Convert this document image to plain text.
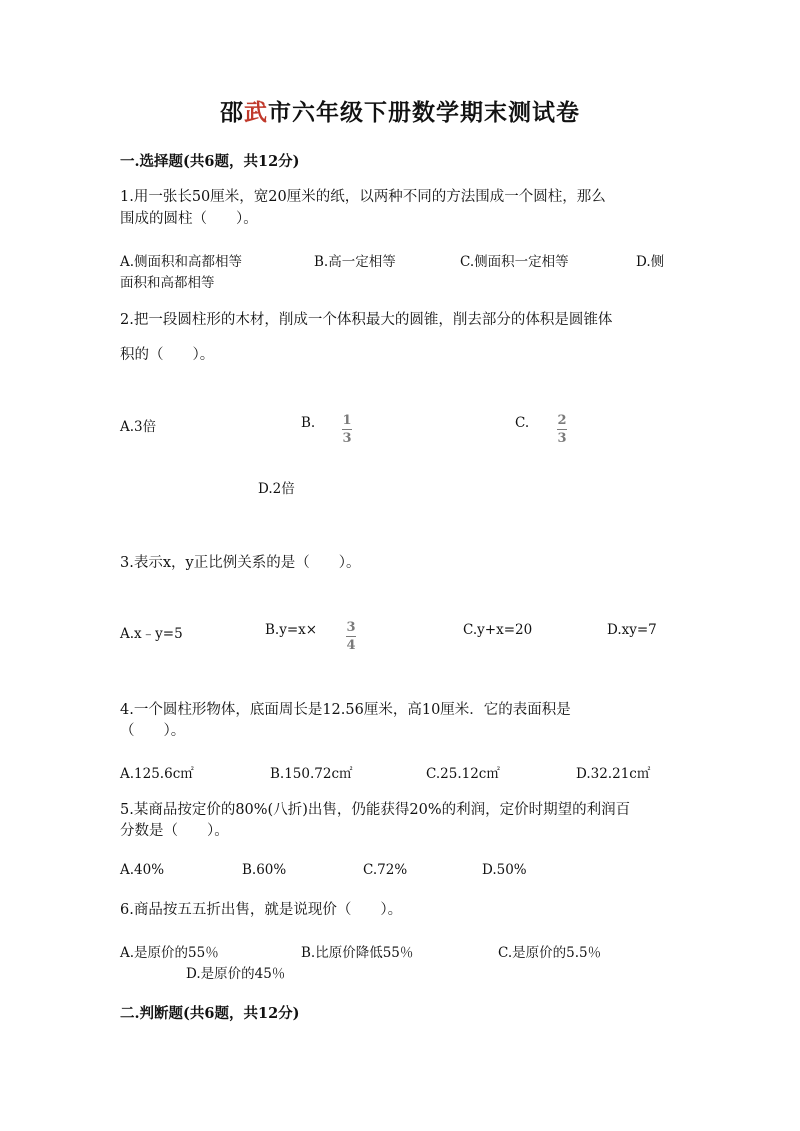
邵武市六年级下册数学期末测试卷
一.选择题(共6题，共12分)
1.用一张长50厘米，宽20厘米的纸，以两种不同的方法围成一个圆柱，那么
围成的圆柱（　　）。
A.侧面积和高都相等	B.高一定相等	C.侧面积一定相等	D.侧
面积和高都相等
2.把一段圆柱形的木材，削成一个体积最大的圆锥，削去部分的体积是圆锥体
积的（　　）。
A.3倍	B. $\frac{1}{3}$	C. $\frac{2}{3}$
D.2倍
3.表示x，y正比例关系的是（　　）。
A.x﹣y=5	$B.y=x\times \frac{3}{4}$	C.y+x=20	D.xy=7
4.一个圆柱形物体，底面周长是12.56厘米，高10厘米．它的表面积是
（　　）。
A.125.6c㎡	B.150.72c㎡	C.25.12c㎡	D.32.21c㎡
5.某商品按定价的80%(八折)出售，仍能获得20%的利润，定价时期望的利润百
分数是（　　）。
A.40%	B.60%	C.72%	D.50%
6.商品按五五折出售，就是说现价（　　）。
A.是原价的55％	B.比原价降低55％	C.是原价的5.5％
D.是原价的45％
二.判断题(共6题，共12分)
